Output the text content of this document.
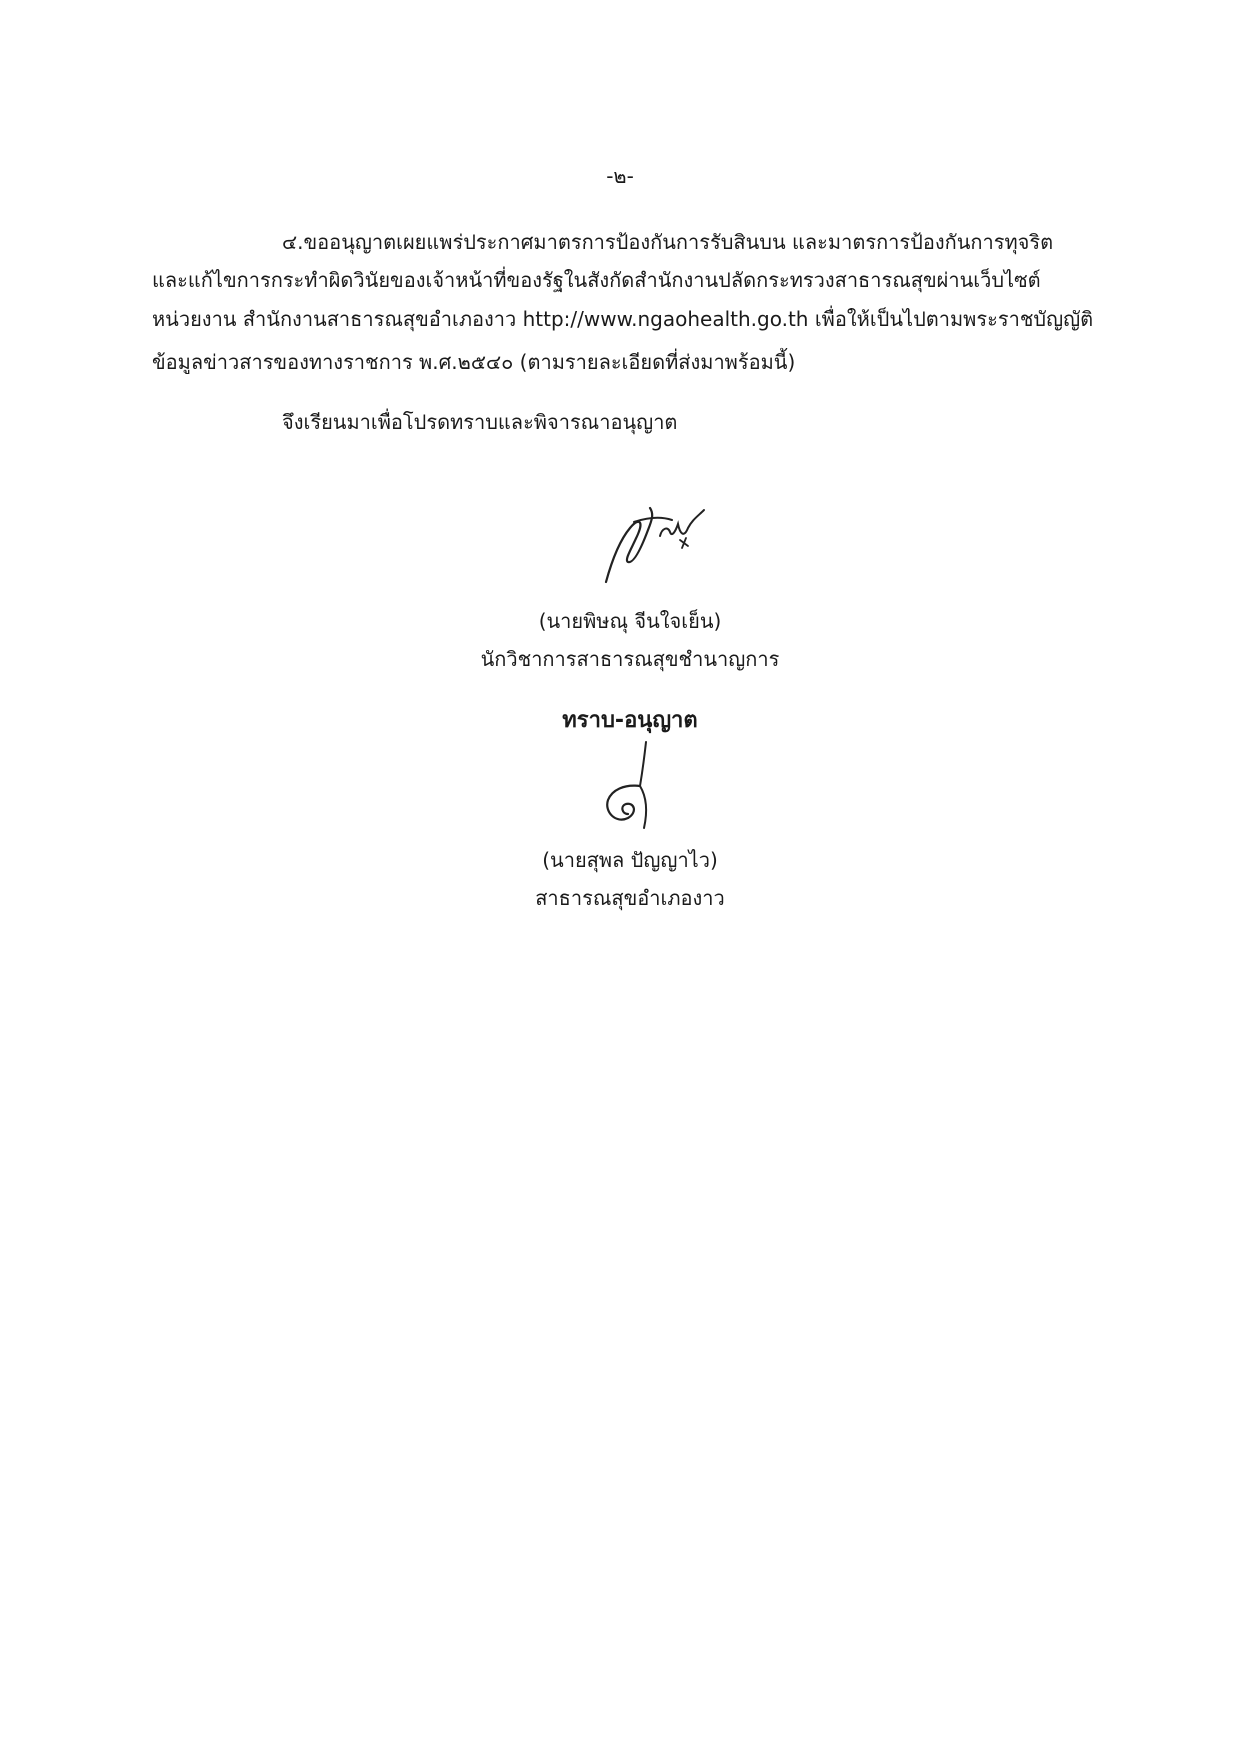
-๒-
๔.ขออนุญาตเผยแพร่ประกาศมาตรการป้องกันการรับสินบน และมาตรการป้องกันการทุจริต
และแก้ไขการกระทำผิดวินัยของเจ้าหน้าที่ของรัฐในสังกัดสำนักงานปลัดกระทรวงสาธารณสุขผ่านเว็บไซต์
หน่วยงาน สำนักงานสาธารณสุขอำเภองาว http://www.ngaohealth.go.th เพื่อให้เป็นไปตามพระราชบัญญัติ
ข้อมูลข่าวสารของทางราชการ พ.ศ.๒๕๔๐ (ตามรายละเอียดที่ส่งมาพร้อมนี้)
จึงเรียนมาเพื่อโปรดทราบและพิจารณาอนุญาต
(นายพิษณุ จีนใจเย็น)
นักวิชาการสาธารณสุขชำนาญการ
ทราบ-อนุญาต
(นายสุพล ปัญญาไว)
สาธารณสุขอำเภองาว
